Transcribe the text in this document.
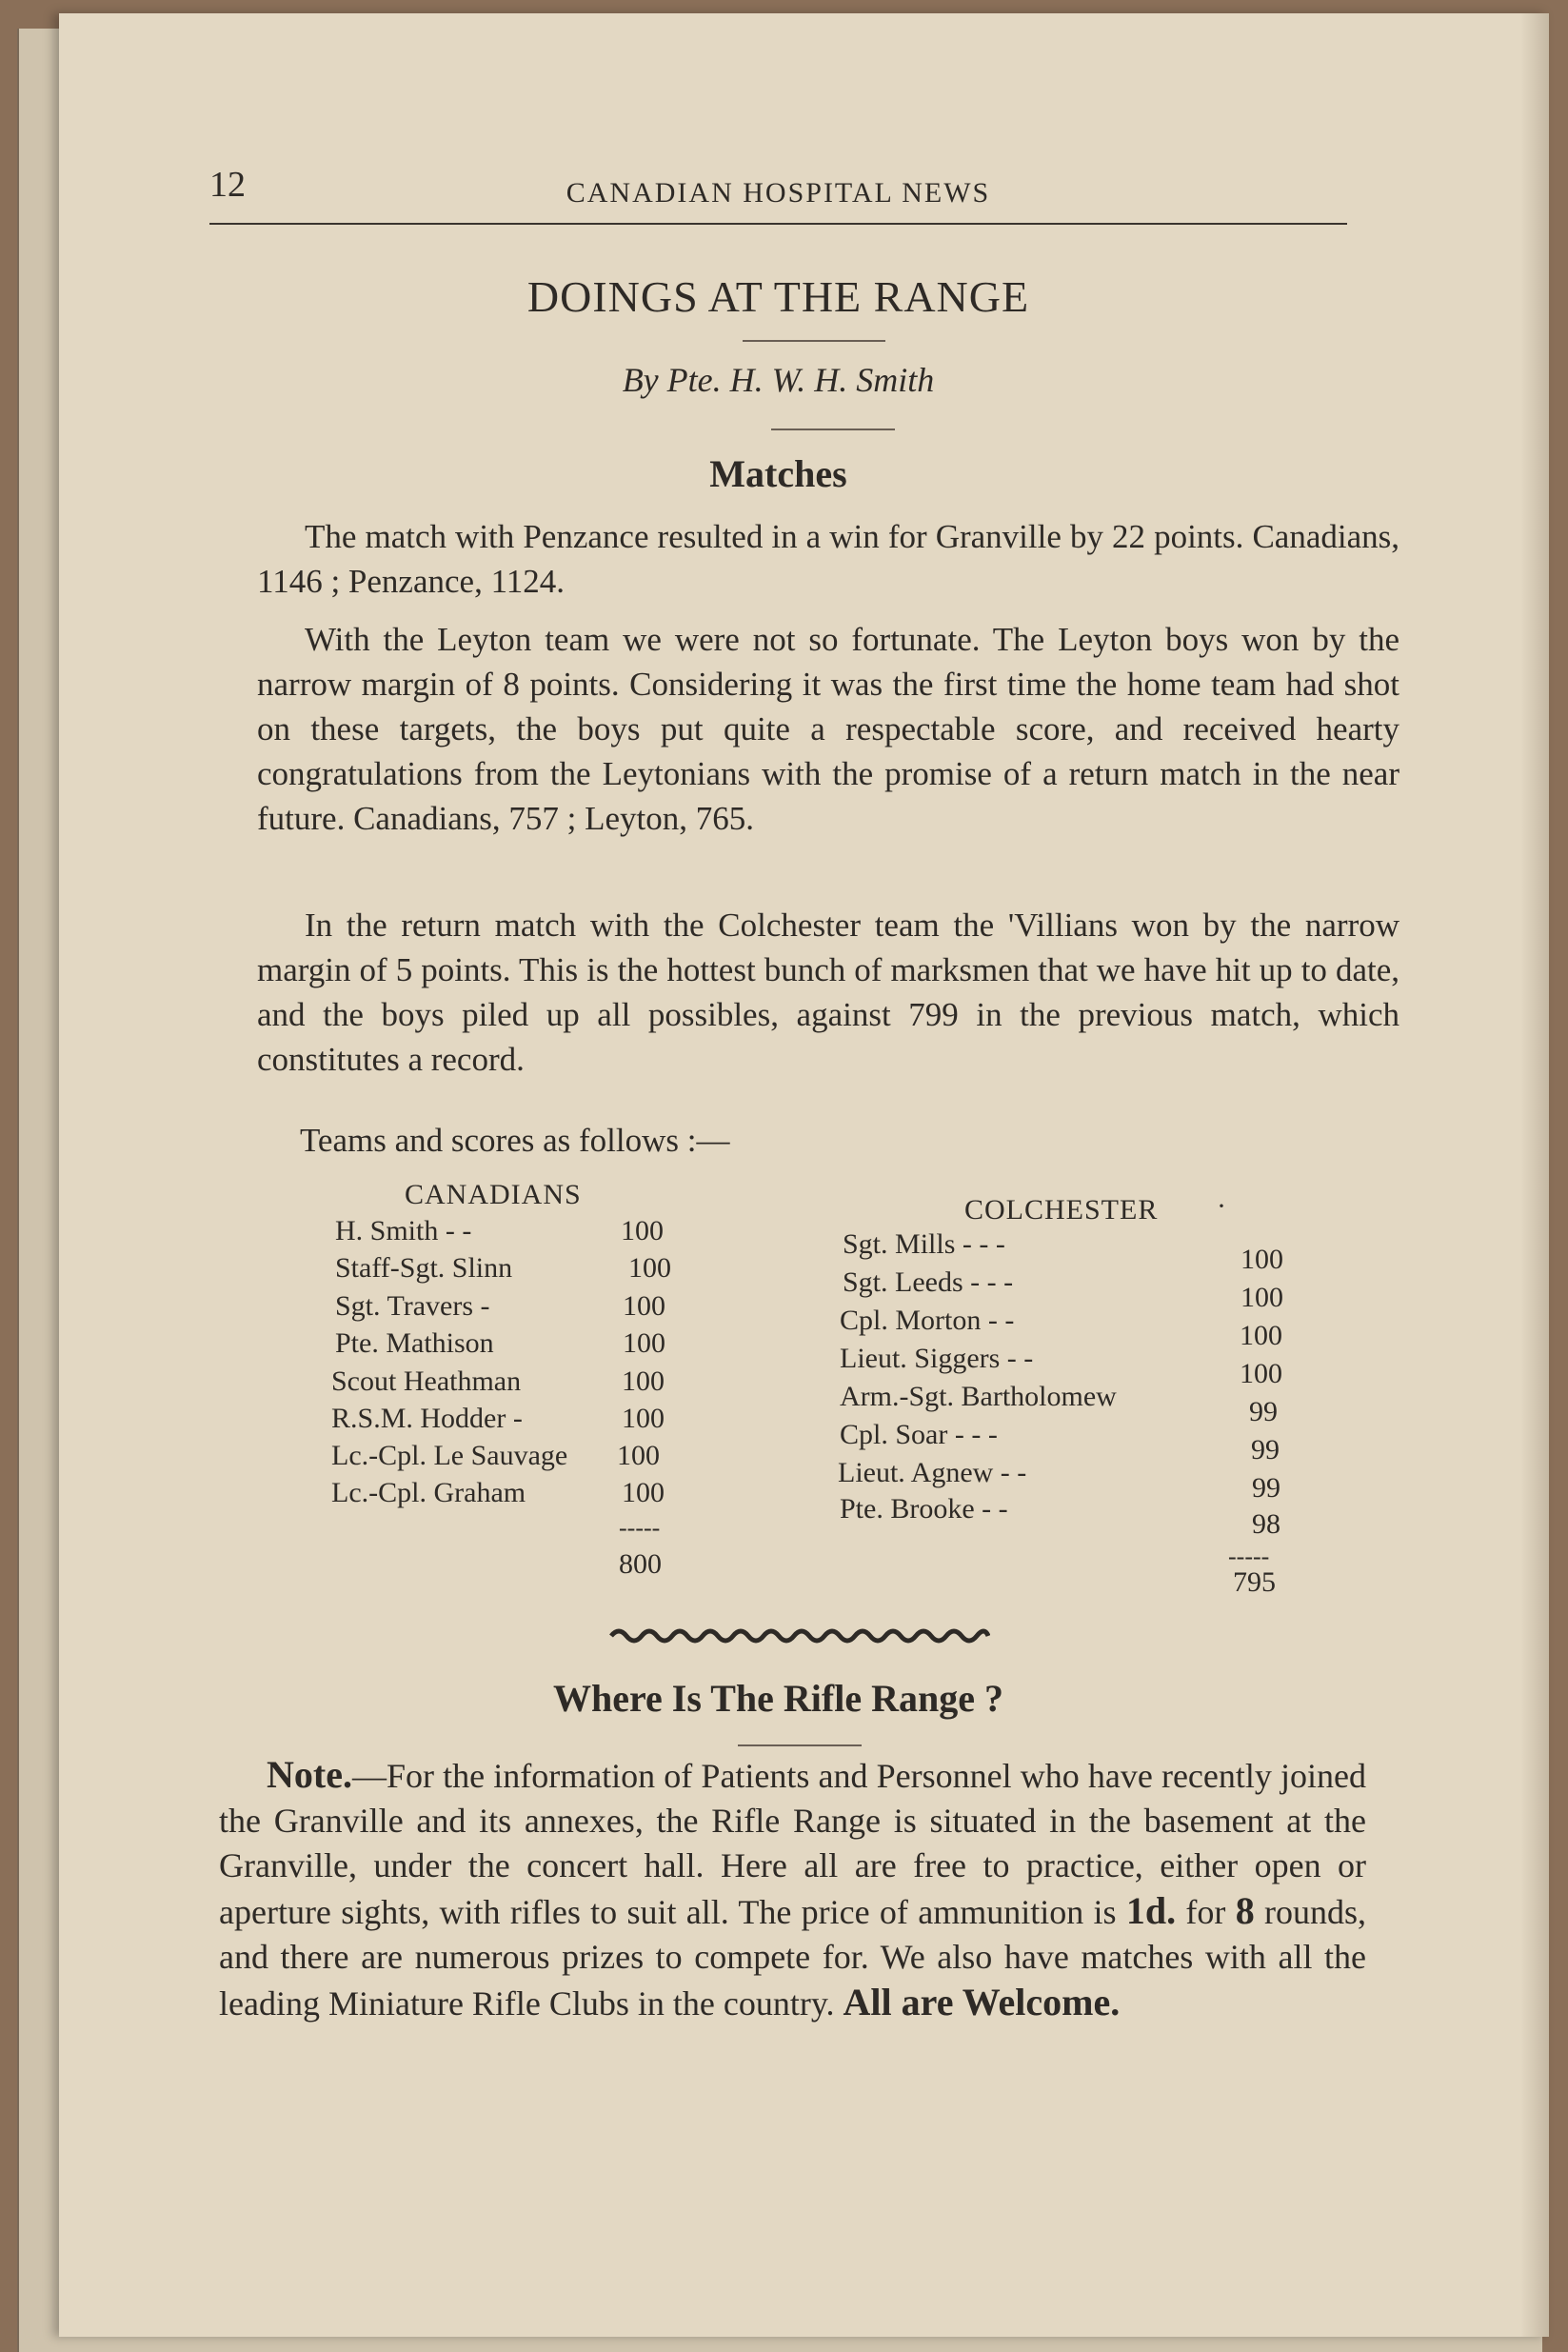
12	CANADIAN HOSPITAL NEWS
DOINGS AT THE RANGE
By Pte. H. W. H. Smith
Matches

The match with Penzance resulted in a win for Granville by 22 points. Canadians, 1146 ; Penzance, 1124.

With the Leyton team we were not so fortunate. The Leyton boys won by the narrow margin of 8 points. Considering it was the first time the home team had shot on these targets, the boys put quite a respectable score, and received hearty congratulations from the Leytonians with the promise of a return match in the near future. Canadians, 757 ; Leyton, 765.

In the return match with the Colchester team the 'Villians won by the narrow margin of 5 points. This is the hottest bunch of marksmen that we have hit up to date, and the boys piled up all possibles, against 799 in the previous match, which constitutes a record.

Teams and scores as follows :—
CANADIANS
H. Smith - -	100
Staff-Sgt. Slinn	100
Sgt. Travers -	100
Pte. Mathison	100
Scout Heathman	100
R.S.M. Hodder -	100
Lc.-Cpl. Le Sauvage 100
Lc.-Cpl. Graham	100
-----
800
COLCHESTER ·
Sgt. Mills - - -	100
Sgt. Leeds - - -	100
Cpl. Morton - -	100
Lieut. Siggers - -	100
Arm.-Sgt. Bartholomew	99
Cpl. Soar - - -	99
Lieut. Agnew - -	99
Pte. Brooke - -	98
-----
795
Where Is The Rifle Range ?

Note.—For the information of Patients and Personnel who have recently joined the Granville and its annexes, the Rifle Range is situated in the basement at the Granville, under the concert hall. Here all are free to practice, either open or aperture sights, with rifles to suit all. The price of ammunition is 1d. for 8 rounds, and there are numerous prizes to compete for. We also have matches with all the leading Miniature Rifle Clubs in the country. All are Welcome.
